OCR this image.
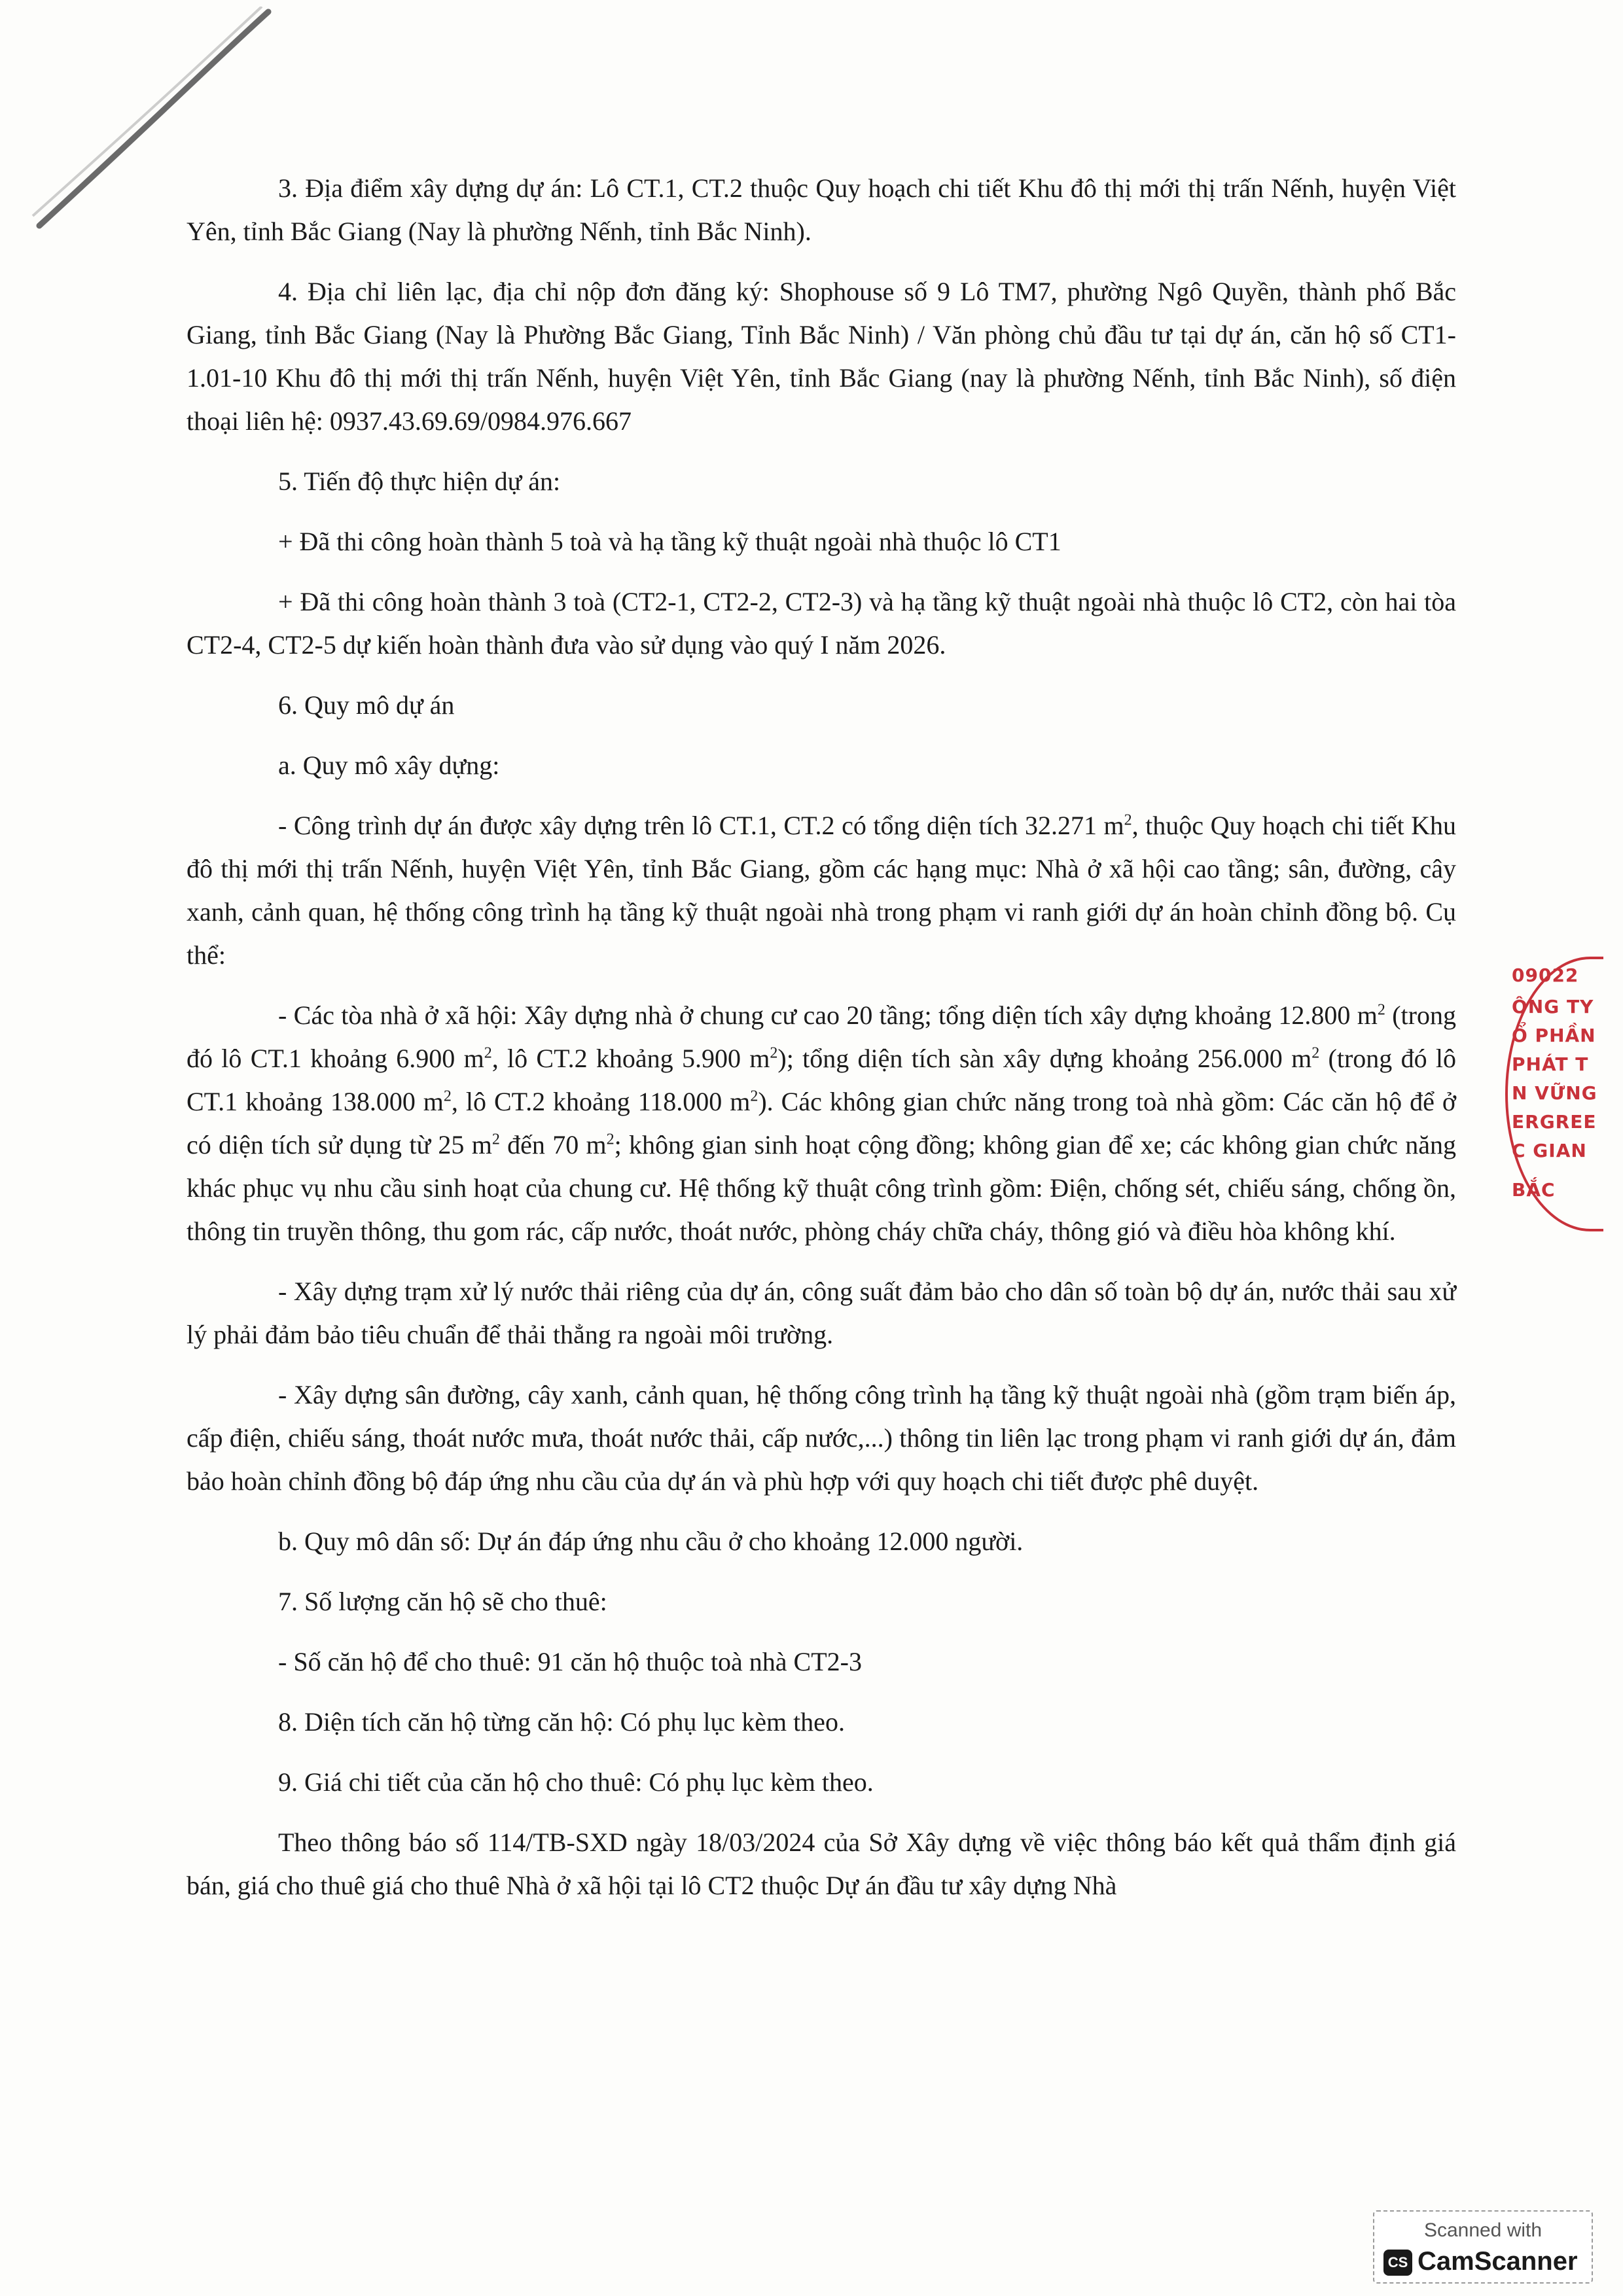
3. Địa điểm xây dựng dự án: Lô CT.1, CT.2 thuộc Quy hoạch chi tiết Khu đô thị mới thị trấn Nếnh, huyện Việt Yên, tỉnh Bắc Giang (Nay là phường Nếnh, tỉnh Bắc Ninh).

4. Địa chỉ liên lạc, địa chỉ nộp đơn đăng ký: Shophouse số 9 Lô TM7, phường Ngô Quyền, thành phố Bắc Giang, tỉnh Bắc Giang (Nay là Phường Bắc Giang, Tỉnh Bắc Ninh) / Văn phòng chủ đầu tư tại dự án, căn hộ số CT1-1.01-10 Khu đô thị mới thị trấn Nếnh, huyện Việt Yên, tỉnh Bắc Giang (nay là phường Nếnh, tỉnh Bắc Ninh), số điện thoại liên hệ: 0937.43.69.69/0984.976.667

5. Tiến độ thực hiện dự án:

+ Đã thi công hoàn thành 5 toà và hạ tầng kỹ thuật ngoài nhà thuộc lô CT1

+ Đã thi công hoàn thành 3 toà (CT2-1, CT2-2, CT2-3) và hạ tầng kỹ thuật ngoài nhà thuộc lô CT2, còn hai tòa CT2-4, CT2-5 dự kiến hoàn thành đưa vào sử dụng vào quý I năm 2026.

6. Quy mô dự án

a. Quy mô xây dựng:

- Công trình dự án được xây dựng trên lô CT.1, CT.2 có tổng diện tích 32.271 $m^2$, thuộc Quy hoạch chi tiết Khu đô thị mới thị trấn Nếnh, huyện Việt Yên, tỉnh Bắc Giang, gồm các hạng mục: Nhà ở xã hội cao tầng; sân, đường, cây xanh, cảnh quan, hệ thống công trình hạ tầng kỹ thuật ngoài nhà trong phạm vi ranh giới dự án hoàn chỉnh đồng bộ. Cụ thể:

- Các tòa nhà ở xã hội: Xây dựng nhà ở chung cư cao 20 tầng; tổng diện tích xây dựng khoảng 12.800 $m^2$ (trong đó lô CT.1 khoảng 6.900 $m^2$, lô CT.2 khoảng 5.900 $m^2$); tổng diện tích sàn xây dựng khoảng 256.000 $m^2$ (trong đó lô CT.1 khoảng 138.000 $m^2$, lô CT.2 khoảng 118.000 $m^2$). Các không gian chức năng trong toà nhà gồm: Các căn hộ để ở có diện tích sử dụng từ 25 $m^2$ đến 70 $m^2$; không gian sinh hoạt cộng đồng; không gian để xe; các không gian chức năng khác phục vụ nhu cầu sinh hoạt của chung cư. Hệ thống kỹ thuật công trình gồm: Điện, chống sét, chiếu sáng, chống ồn, thông tin truyền thông, thu gom rác, cấp nước, thoát nước, phòng cháy chữa cháy, thông gió và điều hòa không khí.

- Xây dựng trạm xử lý nước thải riêng của dự án, công suất đảm bảo cho dân số toàn bộ dự án, nước thải sau xử lý phải đảm bảo tiêu chuẩn để thải thẳng ra ngoài môi trường.

- Xây dựng sân đường, cây xanh, cảnh quan, hệ thống công trình hạ tầng kỹ thuật ngoài nhà (gồm trạm biến áp, cấp điện, chiếu sáng, thoát nước mưa, thoát nước thải, cấp nước,...) thông tin liên lạc trong phạm vi ranh giới dự án, đảm bảo hoàn chỉnh đồng bộ đáp ứng nhu cầu của dự án và phù hợp với quy hoạch chi tiết được phê duyệt.

b. Quy mô dân số: Dự án đáp ứng nhu cầu ở cho khoảng 12.000 người.

7. Số lượng căn hộ sẽ cho thuê:

- Số căn hộ để cho thuê: 91 căn hộ thuộc toà nhà CT2-3

8. Diện tích căn hộ từng căn hộ: Có phụ lục kèm theo.

9. Giá chi tiết của căn hộ cho thuê: Có phụ lục kèm theo.

Theo thông báo số 114/TB-SXD ngày 18/03/2024 của Sở Xây dựng về việc thông báo kết quả thẩm định giá bán, giá cho thuê giá cho thuê Nhà ở xã hội tại lô CT2 thuộc Dự án đầu tư xây dựng Nhà

09022
ÔNG TY
Ổ PHẦN
PHÁT T
N VỮNG
ERGREE
C GIAN
BẮC
Scanned with
CS CamScanner
